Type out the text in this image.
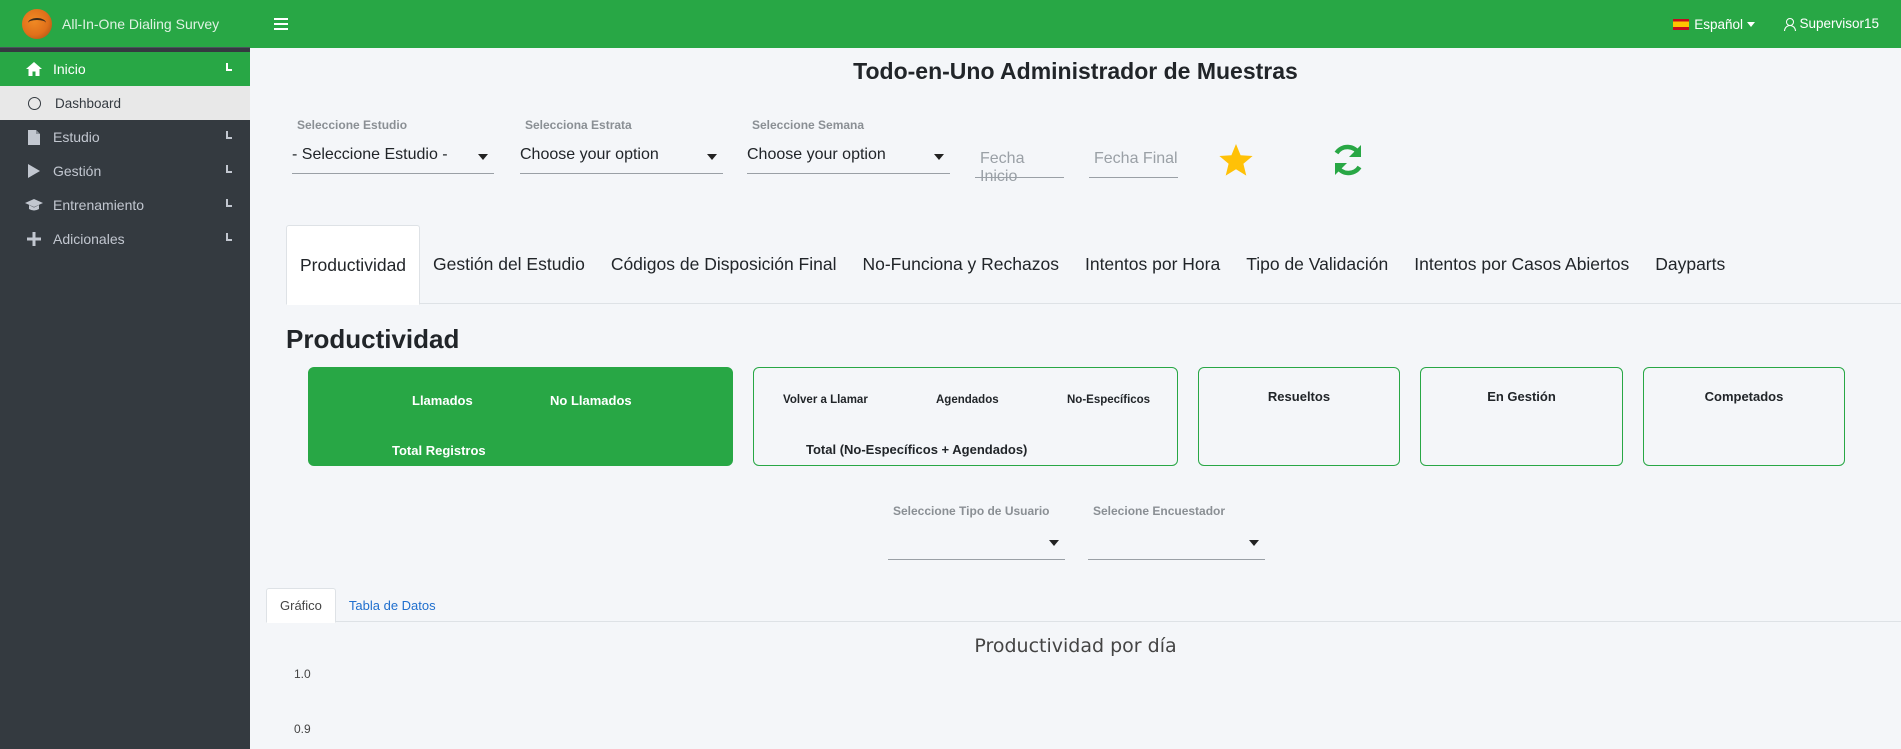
All-In-One Dialing Survey
Inicio
Dashboard
Estudio
Gestión
Entrenamiento
Adicionales
Español	Supervisor15
Todo-en-Uno Administrador de Muestras
Seleccione Estudio
- Seleccione Estudio -
Selecciona Estrata
Choose your option
Seleccione Semana
Choose your option	Fecha Inicio
Fecha Final
Productividad	Gestión del Estudio	Códigos de Disposición Final	No-Funciona y Rechazos	Intentos por Hora	Tipo de Validación	Intentos por Casos Abiertos	Dayparts
Productividad
Llamados	No Llamados
Total Registros
Volver a Llamar	Agendados	No-Específicos
Total (No-Específicos + Agendados)
Resueltos	En Gestión	Competados
Seleccione Tipo de Usuario	Selecione Encuestador
Gráfico	Tabla de Datos
Productividad por día
1.0
0.9
